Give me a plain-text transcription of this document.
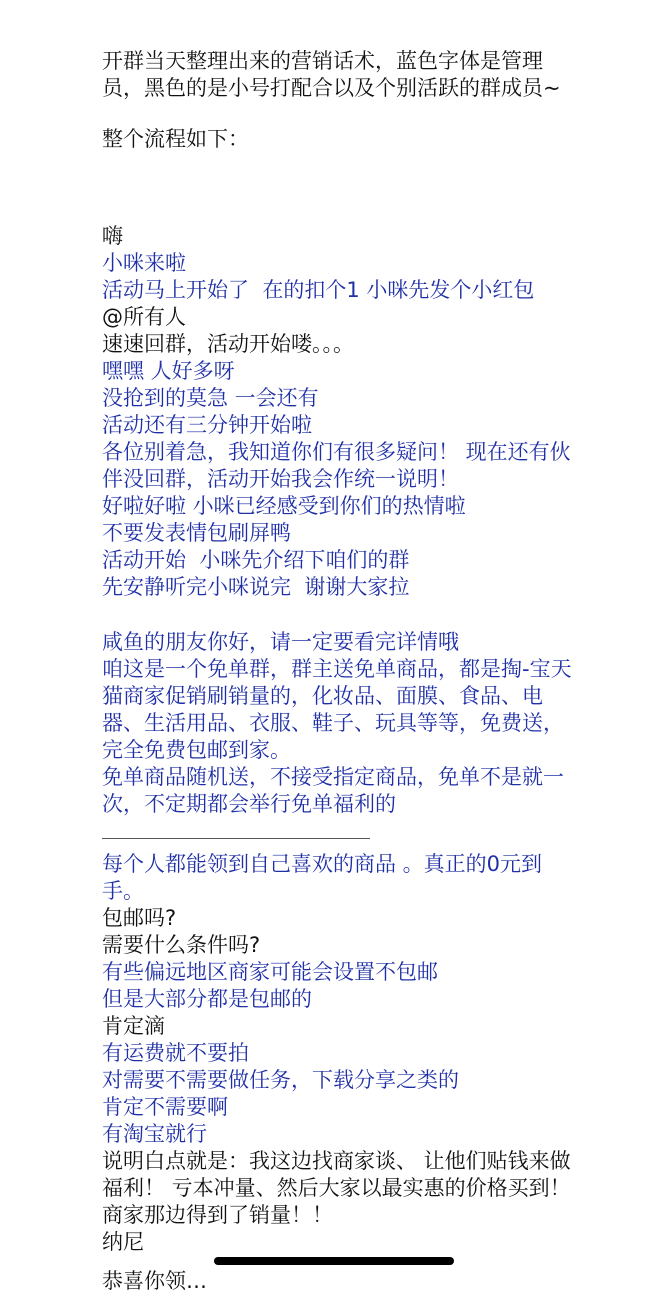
开群当天整理出来的营销话术，蓝色字体是管理员，黑色的是小号打配合以及个别活跃的群成员~

整个流程如下：

嗨

小咪来啦

活动马上开始了  在的扣个1 小咪先发个小红包

@所有人

速速回群，活动开始喽。。。

嘿嘿 人好多呀

没抢到的莫急 一会还有

活动还有三分钟开始啦

各位别着急，我知道你们有很多疑问！ 现在还有伙伴没回群，活动开始我会作统一说明！

好啦好啦 小咪已经感受到你们的热情啦

不要发表情包刷屏鸭

活动开始  小咪先介绍下咱们的群

先安静听完小咪说完  谢谢大家拉

咸鱼的朋友你好，请一定要看完详情哦

咱这是一个免单群，群主送免单商品，都是掏-宝天猫商家促销刷销量的，化妆品、面膜、食品、电器、生活用品、衣服、鞋子、玩具等等，免费送，完全免费包邮到家。

免单商品随机送，不接受指定商品，免单不是就一次，不定期都会举行免单福利的

每个人都能领到自己喜欢的商品 。真正的0元到手。

包邮吗?

需要什么条件吗?

有些偏远地区商家可能会设置不包邮

但是大部分都是包邮的

肯定滴

有运费就不要拍

对需要不需要做任务，下载分享之类的

肯定不需要啊

有淘宝就行

说明白点就是：我这边找商家谈、 让他们贴钱来做福利！ 亏本冲量、然后大家以最实惠的价格买到！ 商家那边得到了销量！！

纳尼

恭喜你领…
